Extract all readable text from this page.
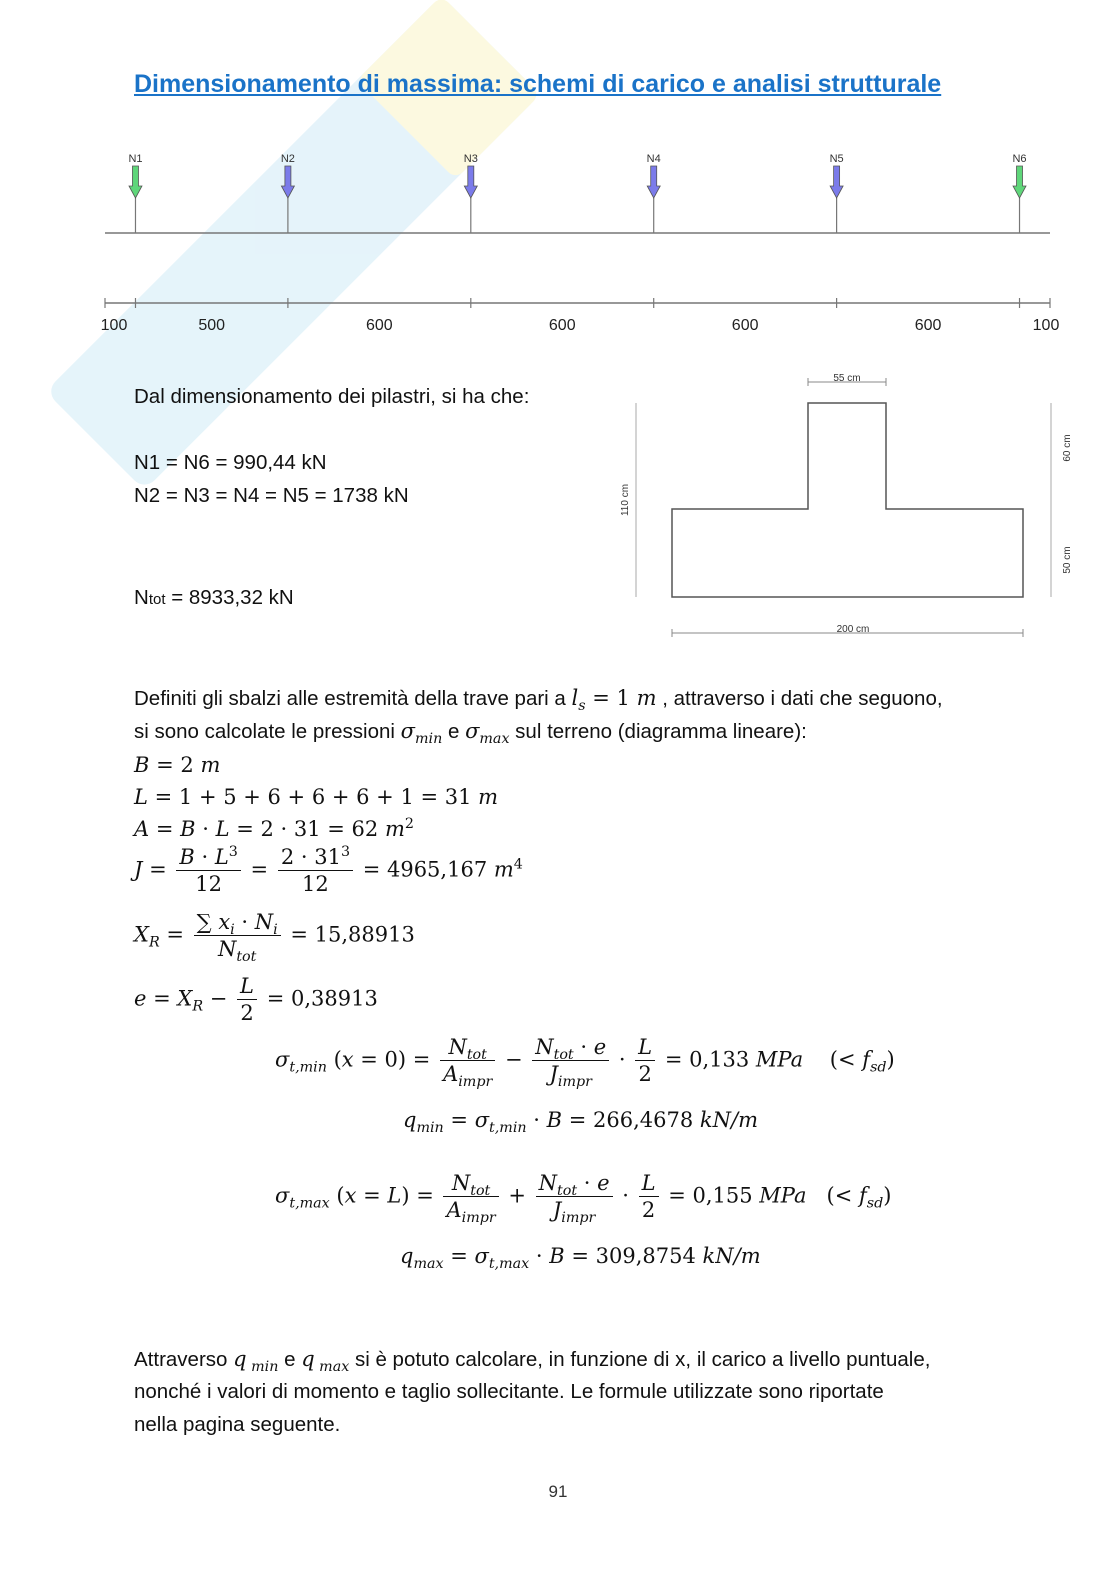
Dimensionamento di massima: schemi di carico e analisi strutturale
N1	N2	N3	N4	N5	N6
100	500	600	600	600	600	100
Dal dimensionamento dei pilastri, si ha che:
N1 = N6 = 990,44 kN
N2 = N3 = N4 = N5 = 1738 kN
Ntot = 8933,32 kN
55 cm
110 cm
60 cm
50 cm
200 cm
Definiti gli sbalzi alle estremità della trave pari a $l_s = 1$ m , attraverso i dati che seguono,
si sono calcolate le pressioni $\sigma_{min}$ e $\sigma_{max}$ sul terreno (diagramma lineare):
B = 2 m
L = 1 + 5 + 6 + 6 + 6 + 1 = 31 m
A = B · L = 2 · 31 = 62 $m^2$
$J = \frac{B \cdot L^3}{12} = \frac{2 \cdot 31^3}{12} = 4965,167$ $m^4$
$X_R = \frac{\sum x_i \cdot N_i}{N_{tot}} = 15,88913$
$e = X_R - \frac{L}{2} = 0,38913$
$\sigma_{t,min}$ $(x = 0) = \frac{N_{tot}}{A_{impr}} - \frac{N_{tot} \cdot e}{J_{impr}} \cdot \frac{L}{2} = 0,133$ MPa    (< $f_{sd}$)
$q_{min} = \sigma_{t,min} \cdot B = 266,4678$ kN/m
$\sigma_{t,max}$ $(x = L) = \frac{N_{tot}}{A_{impr}} + \frac{N_{tot} \cdot e}{J_{impr}} \cdot \frac{L}{2} = 0,155$ MPa   (< $f_{sd}$)
$q_{max} = \sigma_{t,max} \cdot B = 309,8754$ kN/m
Attraverso q $_{min}$ e q $_{max}$ si è potuto calcolare, in funzione di x, il carico a livello puntuale,
nonché i valori di momento e taglio sollecitante. Le formule utilizzate sono riportate
nella pagina seguente.
91
